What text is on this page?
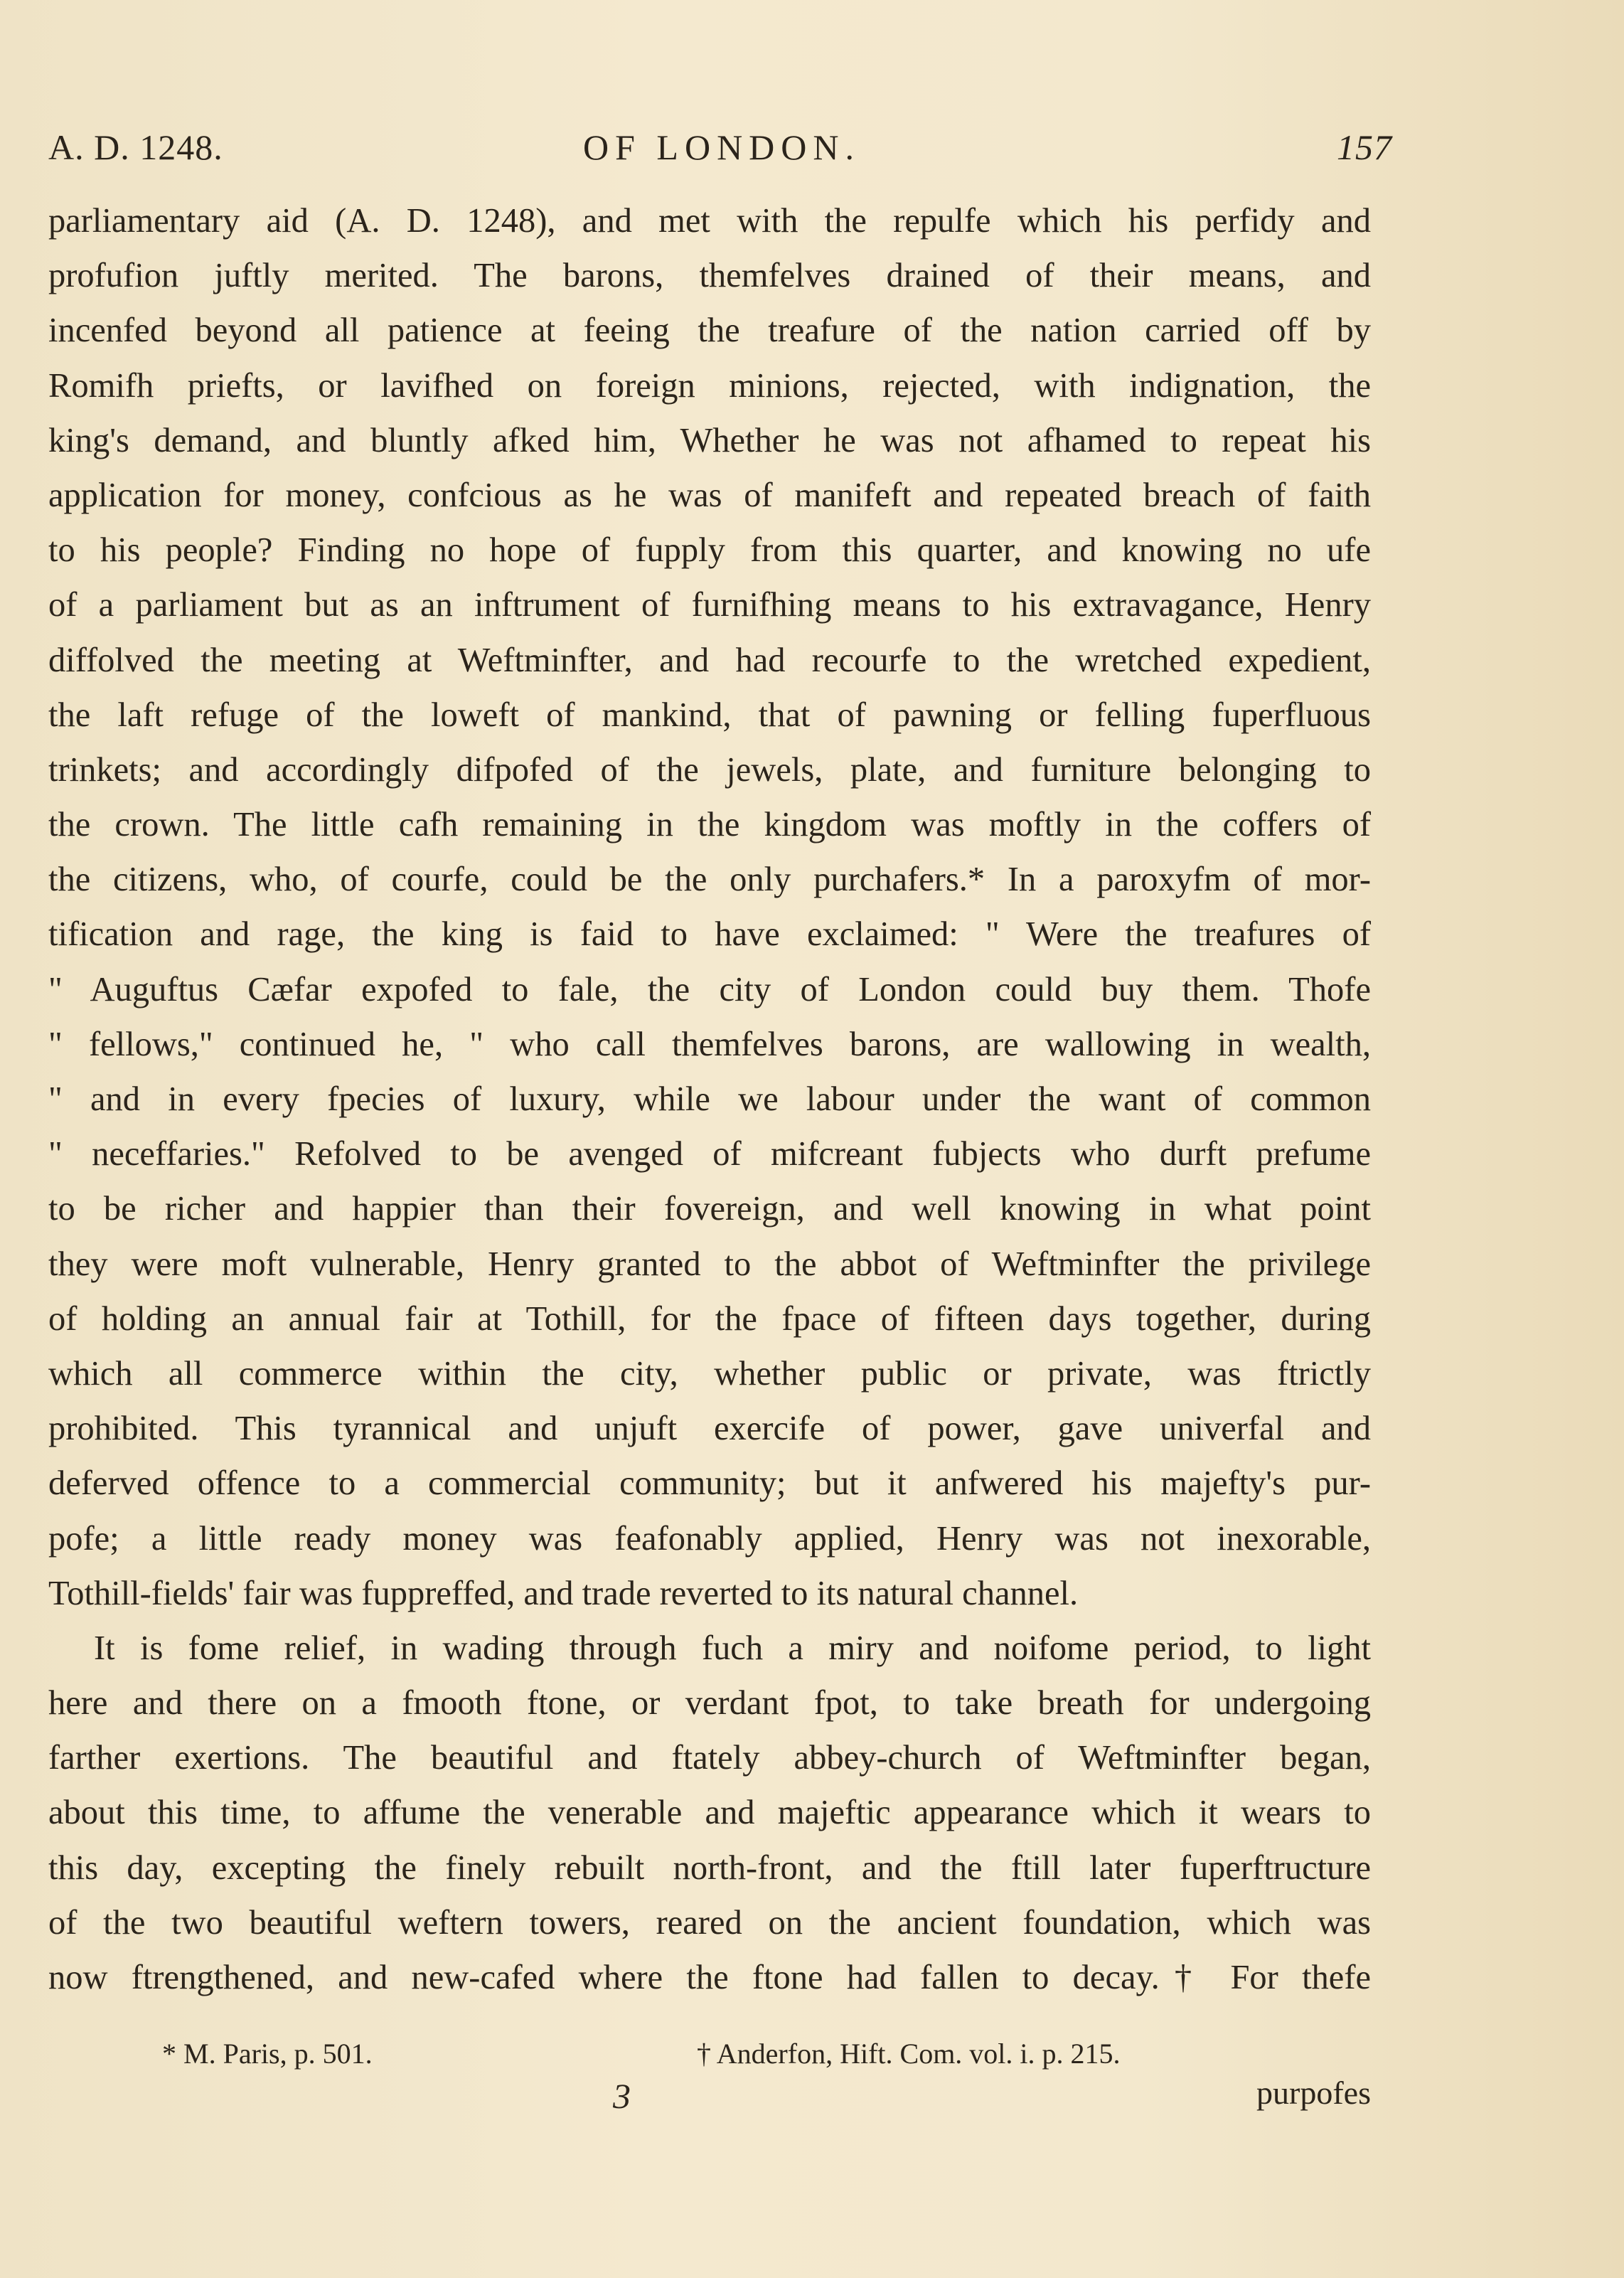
A. D. 1248.	OF LONDON.	157
parliamentary aid (A. D. 1248), and met with the repulfe which his perfidy and
profufion juftly merited. The barons, themfelves drained of their means, and
incenfed beyond all patience at feeing the treafure of the nation carried off by
Romifh priefts, or lavifhed on foreign minions, rejected, with indignation, the
king's demand, and bluntly afked him, Whether he was not afhamed to repeat his
application for money, confcious as he was of manifeft and repeated breach of faith
to his people? Finding no hope of fupply from this quarter, and knowing no ufe
of a parliament but as an inftrument of furnifhing means to his extravagance, Henry
diffolved the meeting at Weftminfter, and had recourfe to the wretched expedient,
the laft refuge of the loweft of mankind, that of pawning or felling fuperfluous
trinkets; and accordingly difpofed of the jewels, plate, and furniture belonging to
the crown. The little cafh remaining in the kingdom was moftly in the coffers of
the citizens, who, of courfe, could be the only purchafers.* In a paroxyfm of mor-
tification and rage, the king is faid to have exclaimed: " Were the treafures of
" Auguftus Cæfar expofed to fale, the city of London could buy them. Thofe
" fellows," continued he, " who call themfelves barons, are wallowing in wealth,
" and in every fpecies of luxury, while we labour under the want of common
" neceffaries." Refolved to be avenged of mifcreant fubjects who durft prefume
to be richer and happier than their fovereign, and well knowing in what point
they were moft vulnerable, Henry granted to the abbot of Weftminfter the privilege
of holding an annual fair at Tothill, for the fpace of fifteen days together, during
which all commerce within the city, whether public or private, was ftrictly
prohibited. This tyrannical and unjuft exercife of power, gave univerfal and
deferved offence to a commercial community; but it anfwered his majefty's pur-
pofe; a little ready money was feafonably applied, Henry was not inexorable,
Tothill-fields' fair was fuppreffed, and trade reverted to its natural channel.
It is fome relief, in wading through fuch a miry and noifome period, to light
here and there on a fmooth ftone, or verdant fpot, to take breath for undergoing
farther exertions. The beautiful and ftately abbey-church of Weftminfter began,
about this time, to affume the venerable and majeftic appearance which it wears to
this day, excepting the finely rebuilt north-front, and the ftill later fuperftructure
of the two beautiful weftern towers, reared on the ancient foundation, which was
now ftrengthened, and new-cafed where the ftone had fallen to decay.† For thefe
* M. Paris, p. 501.	† Anderfon, Hift. Com. vol. i. p. 215.
3	purpofes
